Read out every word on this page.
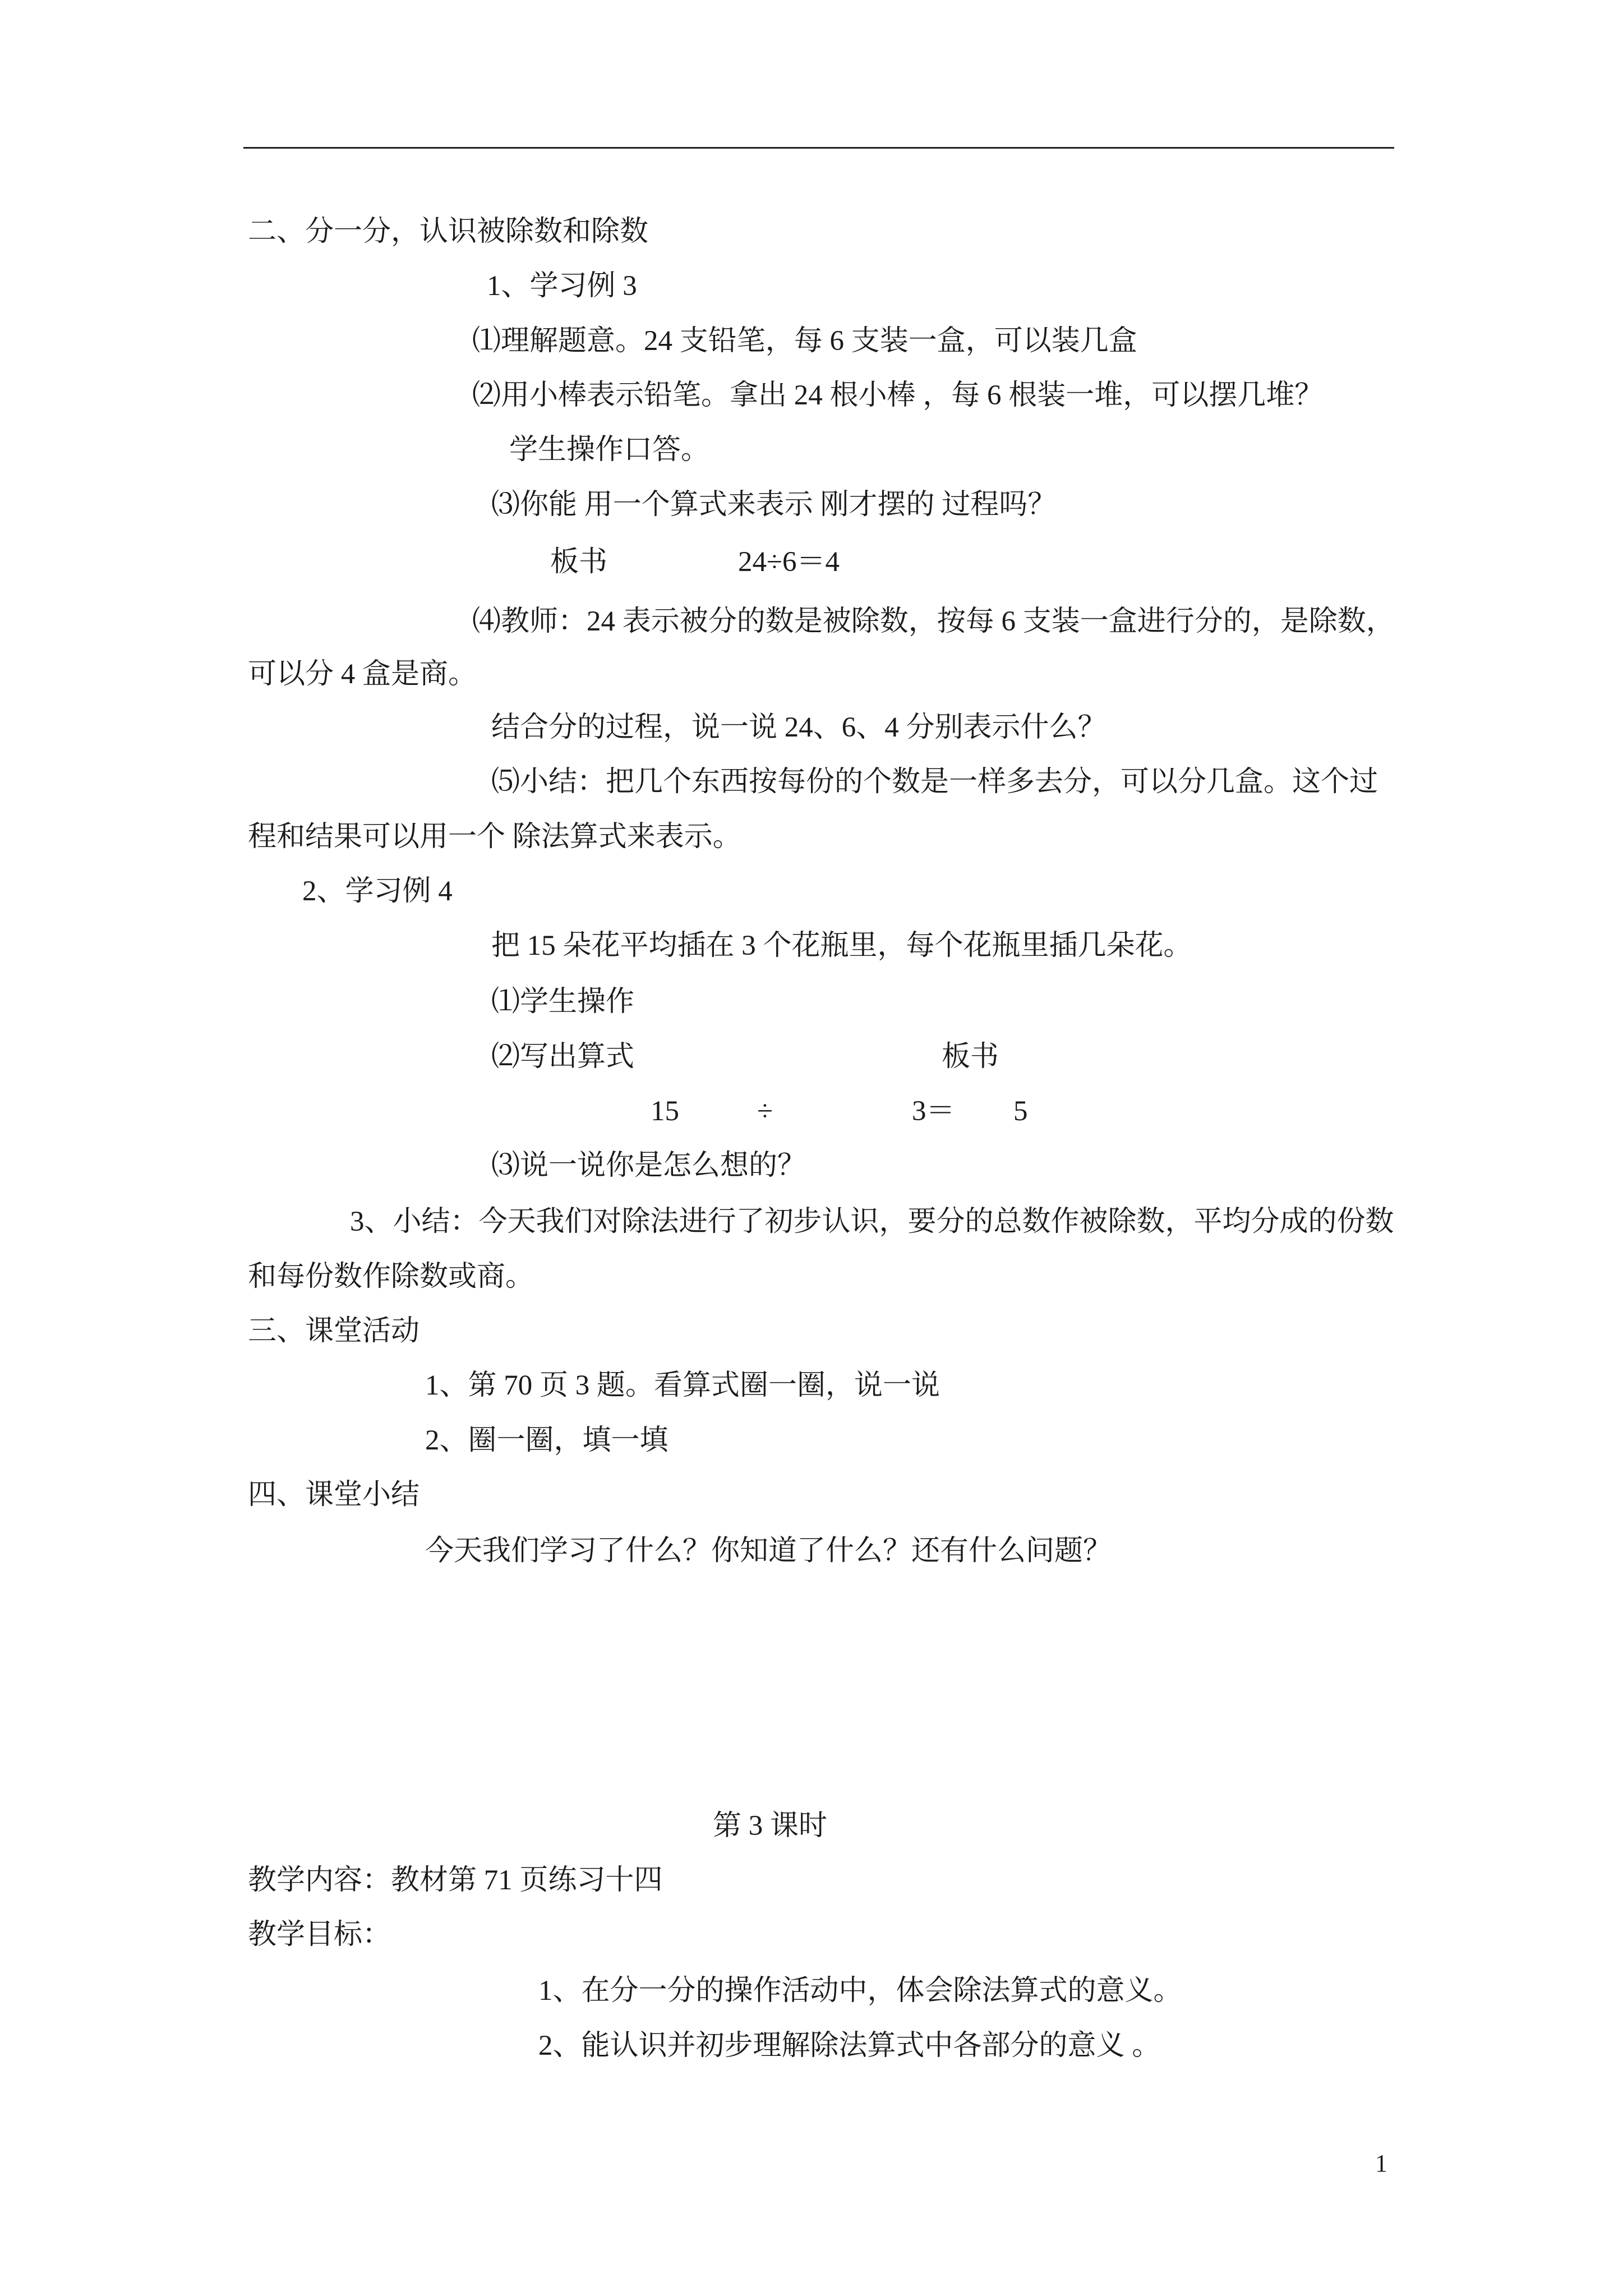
二、分一分，认识被除数和除数
1、学习例 3
⑴理解题意。24 支铅笔，每 6 支装一盒，可以装几盒
⑵用小棒表示铅笔。拿出 24 根小棒 ，每 6 根装一堆，可以摆几堆？
学生操作口答。
⑶你能 用一个算式来表示 刚才摆的 过程吗？
板书	24÷6＝4
⑷教师：24 表示被分的数是被除数，按每 6 支装一盒进行分的，是除数，
可以分 4 盒是商。
结合分的过程，说一说 24、6、4 分别表示什么？
⑸小结：把几个东西按每份的个数是一样多去分，可以分几盒。这个过
程和结果可以用一个 除法算式来表示。
2、学习例 4
把 15 朵花平均插在 3 个花瓶里，每个花瓶里插几朵花。
⑴学生操作
⑵写出算式	板书
15	÷	3＝ 5
⑶说一说你是怎么想的？
3、小结：今天我们对除法进行了初步认识，要分的总数作被除数，平均分成的份数
和每份数作除数或商。
三、课堂活动
1、第 70 页 3 题。看算式圈一圈，说一说
2、圈一圈，填一填
四、课堂小结
今天我们学习了什么？你知道了什么？还有什么问题？
第 3 课时
教学内容：教材第 71 页练习十四
教学目标：
1、在分一分的操作活动中，体会除法算式的意义。
2、能认识并初步理解除法算式中各部分的意义 。
1
